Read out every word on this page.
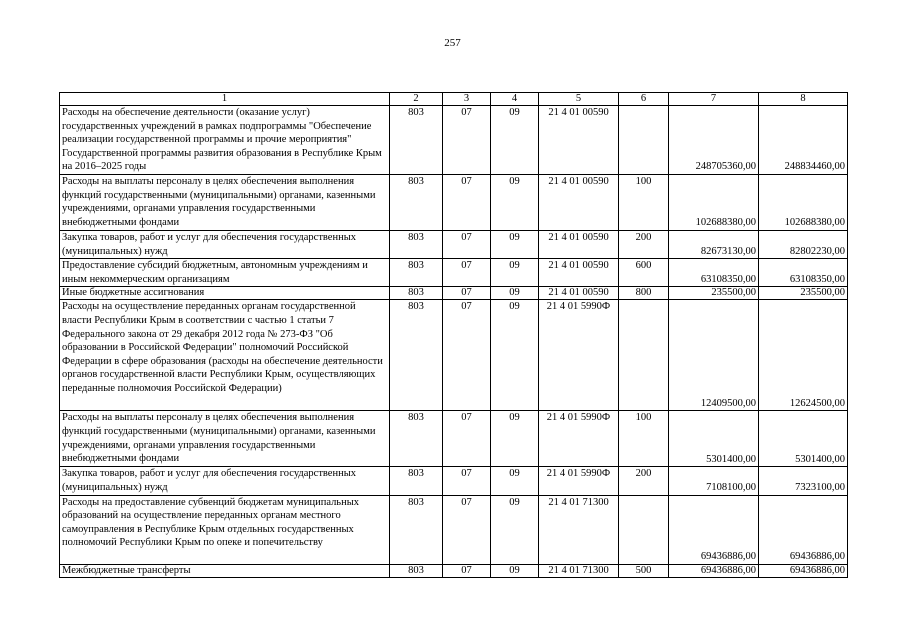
257
1	2	3	4	5	6	7	8
Расходы на обеспечение деятельности (оказание услуг) государственных учреждений в рамках подпрограммы "Обеспечение реализации государственной программы и прочие мероприятия" Государственной программы развития образования в Республике Крым на 2016–2025 годы	803	07	09	21 4 01 00590		248705360,00	248834460,00
Расходы на выплаты персоналу в целях обеспечения выполнения функций государственными (муниципальными) органами, казенными учреждениями, органами управления государственными внебюджетными фондами	803	07	09	21 4 01 00590	100	102688380,00	102688380,00
Закупка товаров, работ и услуг для обеспечения государственных (муниципальных) нужд	803	07	09	21 4 01 00590	200	82673130,00	82802230,00
Предоставление субсидий бюджетным, автономным учреждениям и иным некоммерческим организациям	803	07	09	21 4 01 00590	600	63108350,00	63108350,00
Иные бюджетные ассигнования	803	07	09	21 4 01 00590	800	235500,00	235500,00
Расходы на осуществление переданных органам государственной власти Республики Крым в соответствии с частью 1 статьи 7 Федерального закона от 29 декабря 2012 года № 273-ФЗ "Об образовании в Российской Федерации" полномочий Российской Федерации в сфере образования (расходы на обеспечение деятельности органов государственной власти Республики Крым, осуществляющих переданные полномочия Российской Федерации)	803	07	09	21 4 01 5990Ф		12409500,00	12624500,00
Расходы на выплаты персоналу в целях обеспечения выполнения функций государственными (муниципальными) органами, казенными учреждениями, органами управления государственными внебюджетными фондами	803	07	09	21 4 01 5990Ф	100	5301400,00	5301400,00
Закупка товаров, работ и услуг для обеспечения государственных (муниципальных) нужд	803	07	09	21 4 01 5990Ф	200	7108100,00	7323100,00
Расходы на предоставление субвенций бюджетам муниципальных образований на осуществление переданных органам местного самоуправления в Республике Крым отдельных государственных полномочий Республики Крым по опеке и попечительству	803	07	09	21 4 01 71300		69436886,00	69436886,00
Межбюджетные трансферты	803	07	09	21 4 01 71300	500	69436886,00	69436886,00
